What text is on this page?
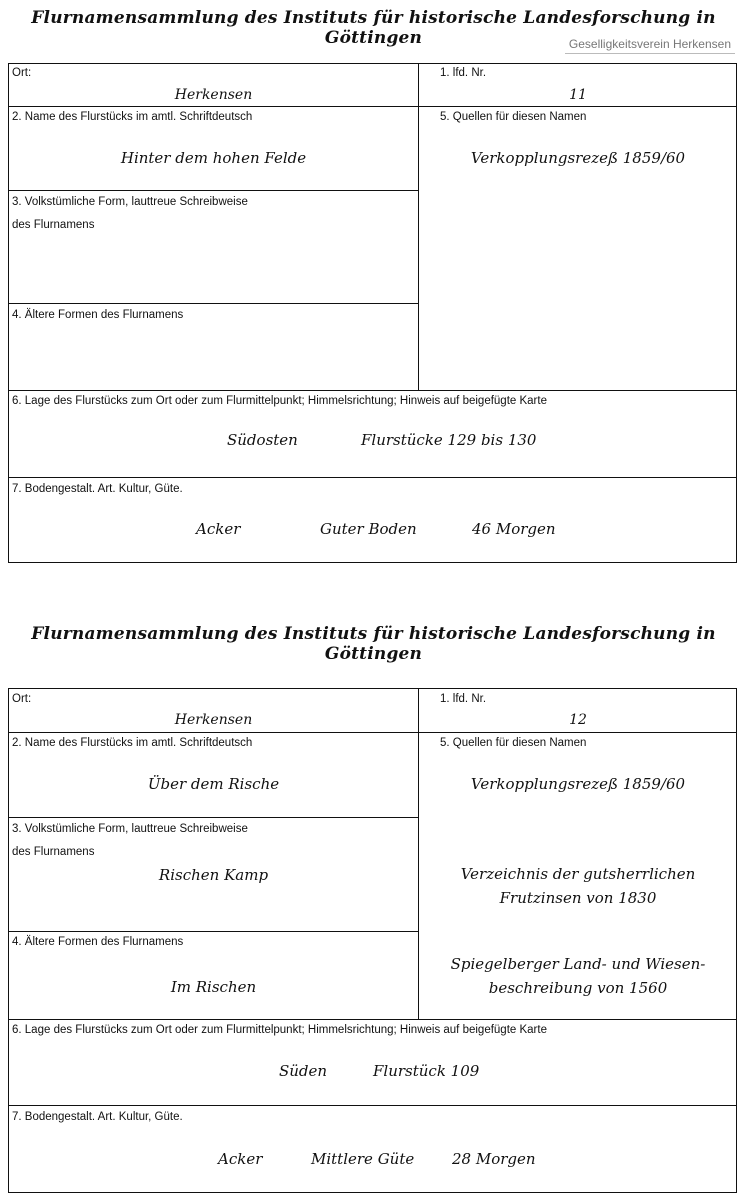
Flurnamensammlung des Instituts für historische Landesforschung in Göttingen	Geselligkeitsverein Herkensen
Ort:
Herkensen
1. lfd. Nr.
11
2. Name des Flurstücks im amtl. Schriftdeutsch
Hinter dem hohen Felde
5. Quellen für diesen Namen
Verkopplungsrezeß 1859/60
3. Volkstümliche Form, lauttreue Schreibweise
des Flurnamens
4. Ältere Formen des Flurnamens
6. Lage des Flurstücks zum Ort oder zum Flurmittelpunkt; Himmelsrichtung; Hinweis auf beigefügte Karte
Südosten	Flurstücke 129 bis 130
7. Bodengestalt. Art. Kultur, Güte.
Acker	Guter Boden	46 Morgen
Flurnamensammlung des Instituts für historische Landesforschung in Göttingen
Ort:
Herkensen
1. lfd. Nr.
12
2. Name des Flurstücks im amtl. Schriftdeutsch
Über dem Rische
5. Quellen für diesen Namen
Verkopplungsrezeß 1859/60
Verzeichnis der gutsherrlichen
Frutzinsen von 1830
Spiegelberger Land- und Wiesen-
beschreibung von 1560
3. Volkstümliche Form, lauttreue Schreibweise
des Flurnamens
Rischen Kamp
4. Ältere Formen des Flurnamens
Im Rischen
6. Lage des Flurstücks zum Ort oder zum Flurmittelpunkt; Himmelsrichtung; Hinweis auf beigefügte Karte
Süden	Flurstück 109
7. Bodengestalt. Art. Kultur, Güte.
Acker	Mittlere Güte	28 Morgen
